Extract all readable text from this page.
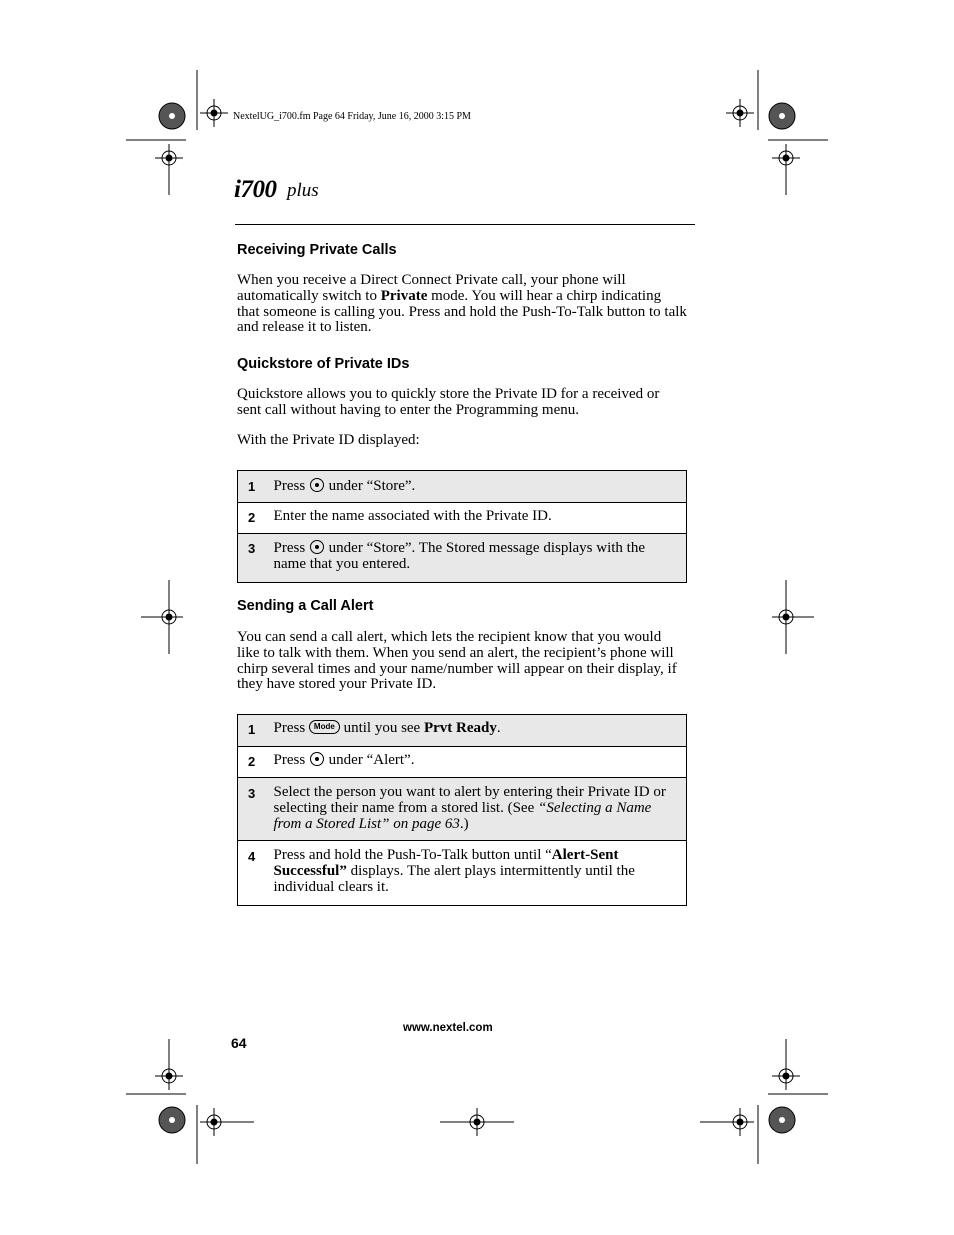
NextelUG_i700.fm Page 64 Friday, June 16, 2000 3:15 PM
i700 plus
Receiving Private Calls

When you receive a Direct Connect Private call, your phone will automatically switch to Private mode. You will hear a chirp indicating that someone is calling you. Press and hold the Push-To-Talk button to talk and release it to listen.

Quickstore of Private IDs

Quickstore allows you to quickly store the Private ID for a received or sent call without having to enter the Programming menu.

With the Private ID displayed:

1	Press  under “Store”.
2	Enter the name associated with the Private ID.
3	Press  under “Store”. The Stored message displays with the name that you entered.
Sending a Call Alert

You can send a call alert, which lets the recipient know that you would like to talk with them. When you send an alert, the recipient’s phone will chirp several times and your name/number will appear on their display, if they have stored your Private ID.

1	Press Mode until you see Prvt Ready.
2	Press  under “Alert”.
3	Select the person you want to alert by entering their Private ID or selecting their name from a stored list. (See “Selecting a Name from a Stored List” on page 63.)
4	Press and hold the Push-To-Talk button until “Alert-Sent Successful” displays. The alert plays intermittently until the individual clears it.
www.nextel.com
64
